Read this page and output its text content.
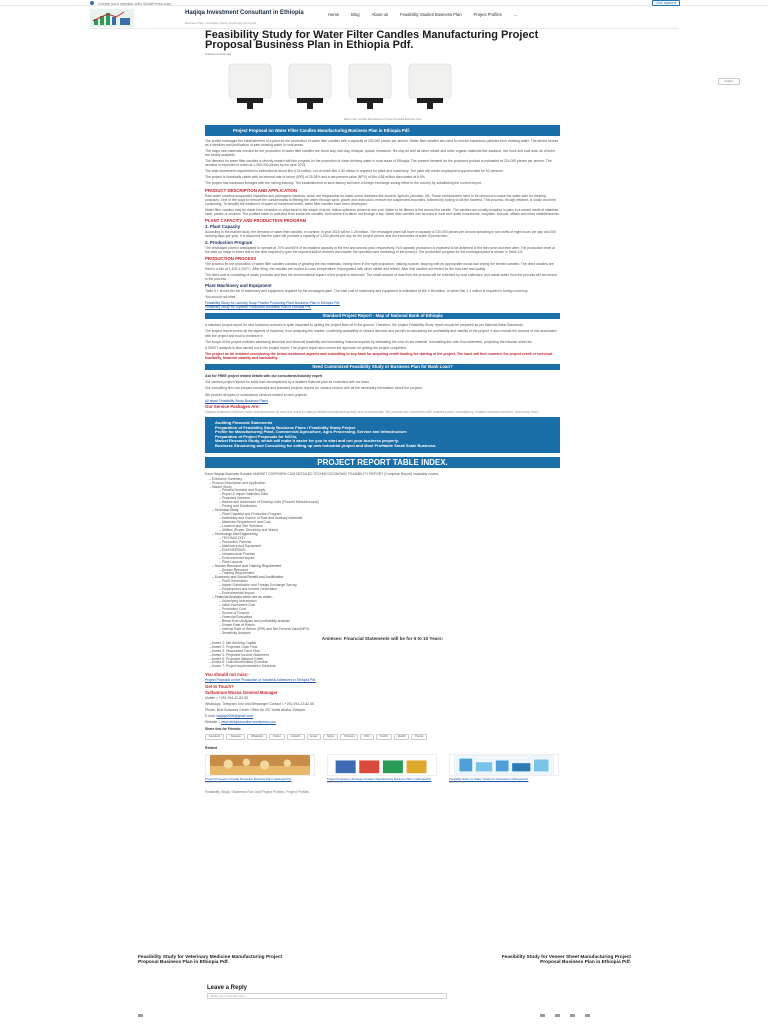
Create your website with WordPress.com	Get started
Haqiqa Investment Consultant in Ethiopia
Business Plan, Feasibility Study and Project Proposal
Home	Blog	About us	Feasibility Studies Business Plan	Project Profiles	...
Follow
Feasibility Study for Water Filter Candles Manufacturing Project Proposal Business Plan in Ethiopia Pdf.
Sultanmus Ethiopia
Water Filter Candles Manufacturing Project Proposal Business Plan
Project Proposal on Water Filter Candles Manufacturing Business Plan in Ethiopia Pdf.

The profile envisages the establishment of a plant for the production of water filter candles with a capacity of 230,000 pieces per annum. Water filter candles are used to remove hazardous particles from drinking water. The device serves as a sterilizer and purification of safe drinking water in rural areas.

The major raw materials needed for the production of water filter candles are china clay, ball clay, feldspar, quartz, limestone, fire clay as well as silver nitrate and other organic materials like sawdust, rice husk and coal dust; all of them are locally available.

The demand for water filter candles is directly related with the projects for the promotion of clean drinking water in rural areas of Ethiopia. The present demand for the proposed product is estimated at 224,000 pieces per annum. The demand is expected to reach at 1,260,000 pieces by the year 2015.

The total investment requirement is estimated at about Birr 6.24 million, out of which Birr 2.65 million is required for plant and machinery. The plant will create employment opportunities for 52 persons.

The project is financially viable with an internal rate of return (IRR) of 25.38% and a net present value (NPV) of Birr 4.58 million discounted at 8.5%.

The project has backward linkages with the mining industry. The establishment of such factory will have a foreign exchange saving effect to the country by substituting the current import.

PRODUCT DESCRIPTION AND APPLICATION

Raw water contains suspended impurities and pathogenic bacteria, which are responsible for water-borne diseases like cholera, typhoid, jaundice, etc. These contaminants have to be removed to make the water safe for drinking purposes. One of the ways to remove the contaminants is filtering the water through sand, gravel and charcoal to remove the suspended impurities, followed by boiling to kill the bacteria. This process, though efficient, is costly and time consuming. To simplify the treatment of water at household levels, water filter candles have been developed.

Water filter candles may be made from ceramics or silica sand in the shape of short, hollow cylinders closed at one end. Water to be filtered is fed around the candle. The candles are usually installed in pairs in a vessel made of stainless steel, plastic or ceramic. The purified water is collected from inside the candles, from where it is taken out through a tap. Water filter candles can be used in rural and urban households, hospitals, schools, offices and other establishments.

PLANT CAPACITY AND PRODUCTION PROGRAM
1. Plant Capacity

According to the market study, the demand of water filter candles, in number, in year 2015 will be 1.26 million. The envisaged plant will have a capacity of 230,000 pieces per annum operating in two shifts of eight hours per day and 300 working days per year. It is assumed that the plant will produce a capacity of 1,000 pieces per day for the project period, and the economies of scale of production.

2. Production Program

The envisaged plant is anticipated to operate at 70% and 80% of its installed capacity in the first and second year, respectively. Full capacity production is expected to be achieved in the third year and then after. The production level at the start-up stage is lower due to the time required to gain the required skill of workers and master the operation and marketing of the product. The production program for the envisaged plant is shown in Table 3.5.

PRODUCTION PROCESS

The process for the production of water filter candles consists of grinding the raw materials, mixing them in the right proportion, making a paste, shaping with an appropriate mould and drying the formed candles. The dried candles are fired in a kiln at 1,100-1,200°C. After firing, the candles are cooled to room temperature, impregnated with silver nitrate and refired. After that candles are tested for the flow rate and quality.

The fixed cost is consisting of waste products and thus the environmental impact of the project is minimum. The small amount of dust from the process will be collected by dust collectors, and waste water from the process will be reused in the process.

Plant Machinery and Equipment

Table 5.1 shows the list of machinery and equipment required by the envisaged plant. The total cost of machinery and equipment is estimated at Birr 2.65 million, of which Birr 1.2 million is required in foreign currency.

You should not miss:

Feasibility Study for Laundry Soap Powder Producing Plant Business Plan in Ethiopia Pdf.
Feasibility Study for Glycerin Production Business Plan in Ethiopia Pdf.
Standard Project Report - Map of National Bank of Ethiopia

A standard project report for new business ventures is quite important to getting the project start off in the ground. Therefore, the project Feasibility Study report should be prepared as per National Bank Standards.

The project report covers all the aspects of business, from analyzing the market, confirming availability of various licenses and permits to calculating the profitability and viability of the project. It also reveals the amount of risk associated with the project and how to minimize it.

The scope of the project includes assessing technical and financial feasibility and forecasting financial aspects by estimating the cost of raw material, formulating the cash flow statement, projecting the balance sheet etc.

A SWOT analysis is also carried out in the project report. The project report also covers the approach for getting the project completed.

The project as for instated considering the below mentioned aspects and submitting to any bank for acquiring credit funding for starting of the project. The bank will then examine the project credit or technical feasibility, financial viability and bankability.

Need Customized Feasibility Study or Business Plan for Bank Loan?

Ask for FREE project related details with our consultants/industry expert

Our various project reports for bank loan accompanied by a detailed financial plan as consulted with our team.

Our consulting firm can prepare successful and standard projects reports for various sectors with all the necessary information about the projects.

We provide all types of consultancy services related to new projects.

All about Feasibility Study Business Plans
Our Service Packages Are:

Haqiqa Business Solution helps entrepreneurs all over the world to start profitable businesses quickly and economically. We provide our customers with business plan, consultancy, market research services, and many more.

Auditing Financial Statements
Preparation of Feasibility Study Business Plans / Feasibility Study Project
Profile for Manufacturing Plant, Commercial Agriculture, Agro Processing, Service and Infrastructure
Preparation of Project Proposals for NGOs,
Market Research Study, which will make it easier for you to start and run your business properly.
Business Structuring and Consulting for setting up new industrial project and Most Profitable Small Scale Business.
PROJECT REPORT TABLE INDEX.

Each Haqiqa Business Solution MARKET OVERVIEW CUM DETAILED TECHNO ECONOMIC FEASIBILITY REPORT (Complete Report) invariably covers:

– Executive Summary
– Product Description and Application
– Market Study
– Present Demand and Supply
– Export & Import Statistics Data
– Projected Demand
– Names and Addresses of Existing Units (Present Manufacturers)
– Pricing and Distribution
– Technical Study
– Plant Capacity and Production Program
– Availability and Source of Raw and Auxiliary materials
– Materials Requirement and Cost
– Location and Site Selection
– Utilities (Power, Electricity and Water)
– Technology and Engineering
– TECHNOLOGY
– Production Process
– Machinery and Equipment
– ENGINEERING
– Infrastructure Process
– Environmental Impact
– Plant Layouts
– Human Resource and Training Requirement
– Human Resource
– Training Requirement
– Economic and Social Benefit and Justification
– Profit Generation
– Import Substitution and Foreign Exchange Saving
– Employment and Income Generation
– Environmental Impact
– Financial Analysis which are as under:-
– Underlying Assumption
– Initial Investment Cost
– Production Cost
– Source of Finance
– Financial Evaluation
– Break-Even Analysis and profitability analysis
– Simple Rate of Return
– Internal Rate of Return (IRR) and Net Present Value(NPV)
– Sensitivity Analysis
Annexes: Financial Statements will be for 5 to 10 Years:
– Annex 1: Net Working Capital
– Annex 2: Projected Cash Flow
– Annex 3: Discounted Cash Flow
– Annex 4: Projected Income Statement
– Annex 5: Projected Balance Sheet
– Annex 6: Loan Amortization Schedule
– Annex 7: Project Implementation Schedule
You should not miss:-
Project Proposal on the Production of Industrial Adhesives in Ethiopia Pdf.
Get In Touch?
Sultanmus Mussa General Manager

Mobile = +251-944-22-82-55

WhatsApp, Telegram, Imo and Messenger Contact = +251-944-22-82-55

Phone, Bole Business Center Office No 007 Addis Ababa, Ethiopia

E-mail: haqiqa2006@gmail.com

Website = www.ethiopianonline.wordpress.com

Share this for Friends:

Facebook	Telegram	WhatsApp	Twitter	LinkedIn	Email	Skype	Pinterest	Print	Tumblr	Reddit	Pocket

Related

Project Proposal on Candle Production Business Plan in Ethiopia Pdf.

June 11, 2021

Project Proposal on Detergent Powder Manufacturing Business Plan in Ethiopia Pdf.

June 11, 2021

Feasibility Study for Water Treatment Chemicals in Ethiopia Pdf.

June 13, 2021

Feasibility Study / Business Plan and Project Profiles, Project Profiles

Feasibility Study for Veterinary Medicine Manufacturing Project Proposal Business Plan in Ethiopia Pdf.
Feasibility Study for Veneer Sheet Manufacturing Project Proposal Business Plan in Ethiopia Pdf.
Leave a Reply
Enter your comment here...
